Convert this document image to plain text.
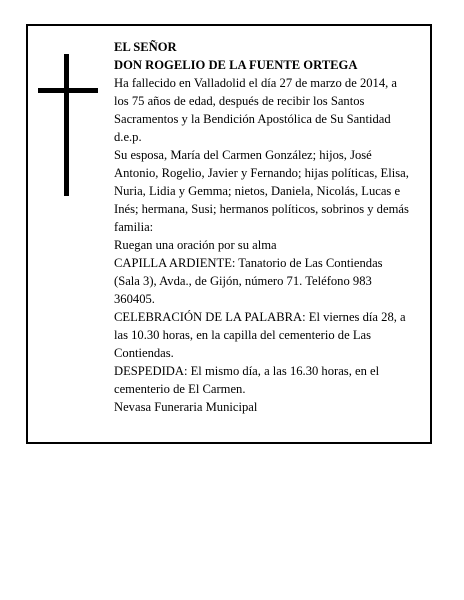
EL SEÑOR

DON ROGELIO DE LA FUENTE ORTEGA

Ha fallecido en Valladolid el día 27 de marzo de 2014, a los 75 años de edad, después de recibir los Santos Sacramentos y la Bendición Apostólica de Su Santidad d.e.p.

Su esposa, María del Carmen González; hijos, José Antonio, Rogelio, Javier y Fernando; hijas políticas, Elisa, Nuria, Lidia y Gemma; nietos, Daniela, Nicolás, Lucas e Inés; hermana, Susi; hermanos políticos, sobrinos y demás familia:

Ruegan una oración por su alma

CAPILLA ARDIENTE: Tanatorio de Las Contiendas (Sala 3), Avda., de Gijón, número 71. Teléfono 983 360405.

CELEBRACIÓN DE LA PALABRA: El viernes día 28, a las 10.30 horas, en la capilla del cementerio de Las Contiendas.

DESPEDIDA: El mismo día, a las 16.30 horas, en el cementerio de El Carmen.

Nevasa Funeraria Municipal
